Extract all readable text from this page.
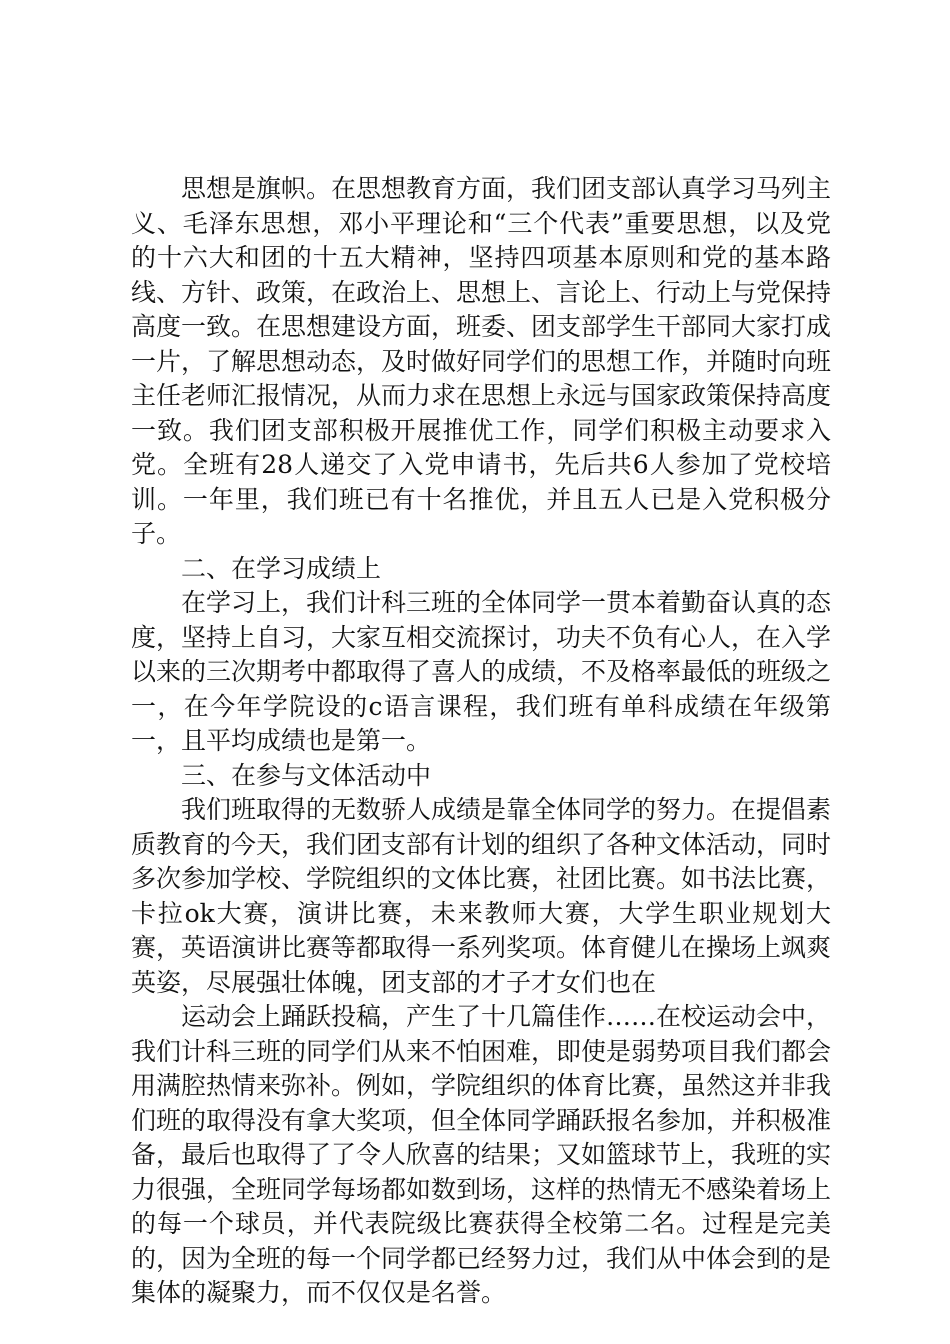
思想是旗帜。在思想教育方面，我们团支部认真学习马列主义、毛泽东思想，邓小平理论和“三个代表”重要思想，以及党的十六大和团的十五大精神，坚持四项基本原则和党的基本路线、方针、政策，在政治上、思想上、言论上、行动上与党保持高度一致。在思想建设方面，班委、团支部学生干部同大家打成一片，了解思想动态，及时做好同学们的思想工作，并随时向班主任老师汇报情况，从而力求在思想上永远与国家政策保持高度一致。我们团支部积极开展推优工作，同学们积极主动要求入党。全班有28人递交了入党申请书，先后共6人参加了党校培训。一年里，我们班已有十名推优，并且五人已是入党积极分子。

二、在学习成绩上

在学习上，我们计科三班的全体同学一贯本着勤奋认真的态度，坚持上自习，大家互相交流探讨，功夫不负有心人，在入学以来的三次期考中都取得了喜人的成绩，不及格率最低的班级之一，在今年学院设的c语言课程，我们班有单科成绩在年级第一，且平均成绩也是第一。

三、在参与文体活动中

我们班取得的无数骄人成绩是靠全体同学的努力。在提倡素质教育的今天，我们团支部有计划的组织了各种文体活动，同时多次参加学校、学院组织的文体比赛，社团比赛。如书法比赛，卡拉ok大赛，演讲比赛，未来教师大赛，大学生职业规划大赛，英语演讲比赛等都取得一系列奖项。体育健儿在操场上飒爽英姿，尽展强壮体魄，团支部的才子才女们也在

运动会上踊跃投稿，产生了十几篇佳作……在校运动会中，我们计科三班的同学们从来不怕困难，即使是弱势项目我们都会用满腔热情来弥补。例如，学院组织的体育比赛，虽然这并非我们班的取得没有拿大奖项，但全体同学踊跃报名参加，并积极准备，最后也取得了了令人欣喜的结果；又如篮球节上，我班的实力很强，全班同学每场都如数到场，这样的热情无不感染着场上的每一个球员，并代表院级比赛获得全校第二名。过程是完美的，因为全班的每一个同学都已经努力过，我们从中体会到的是集体的凝聚力，而不仅仅是名誉。
